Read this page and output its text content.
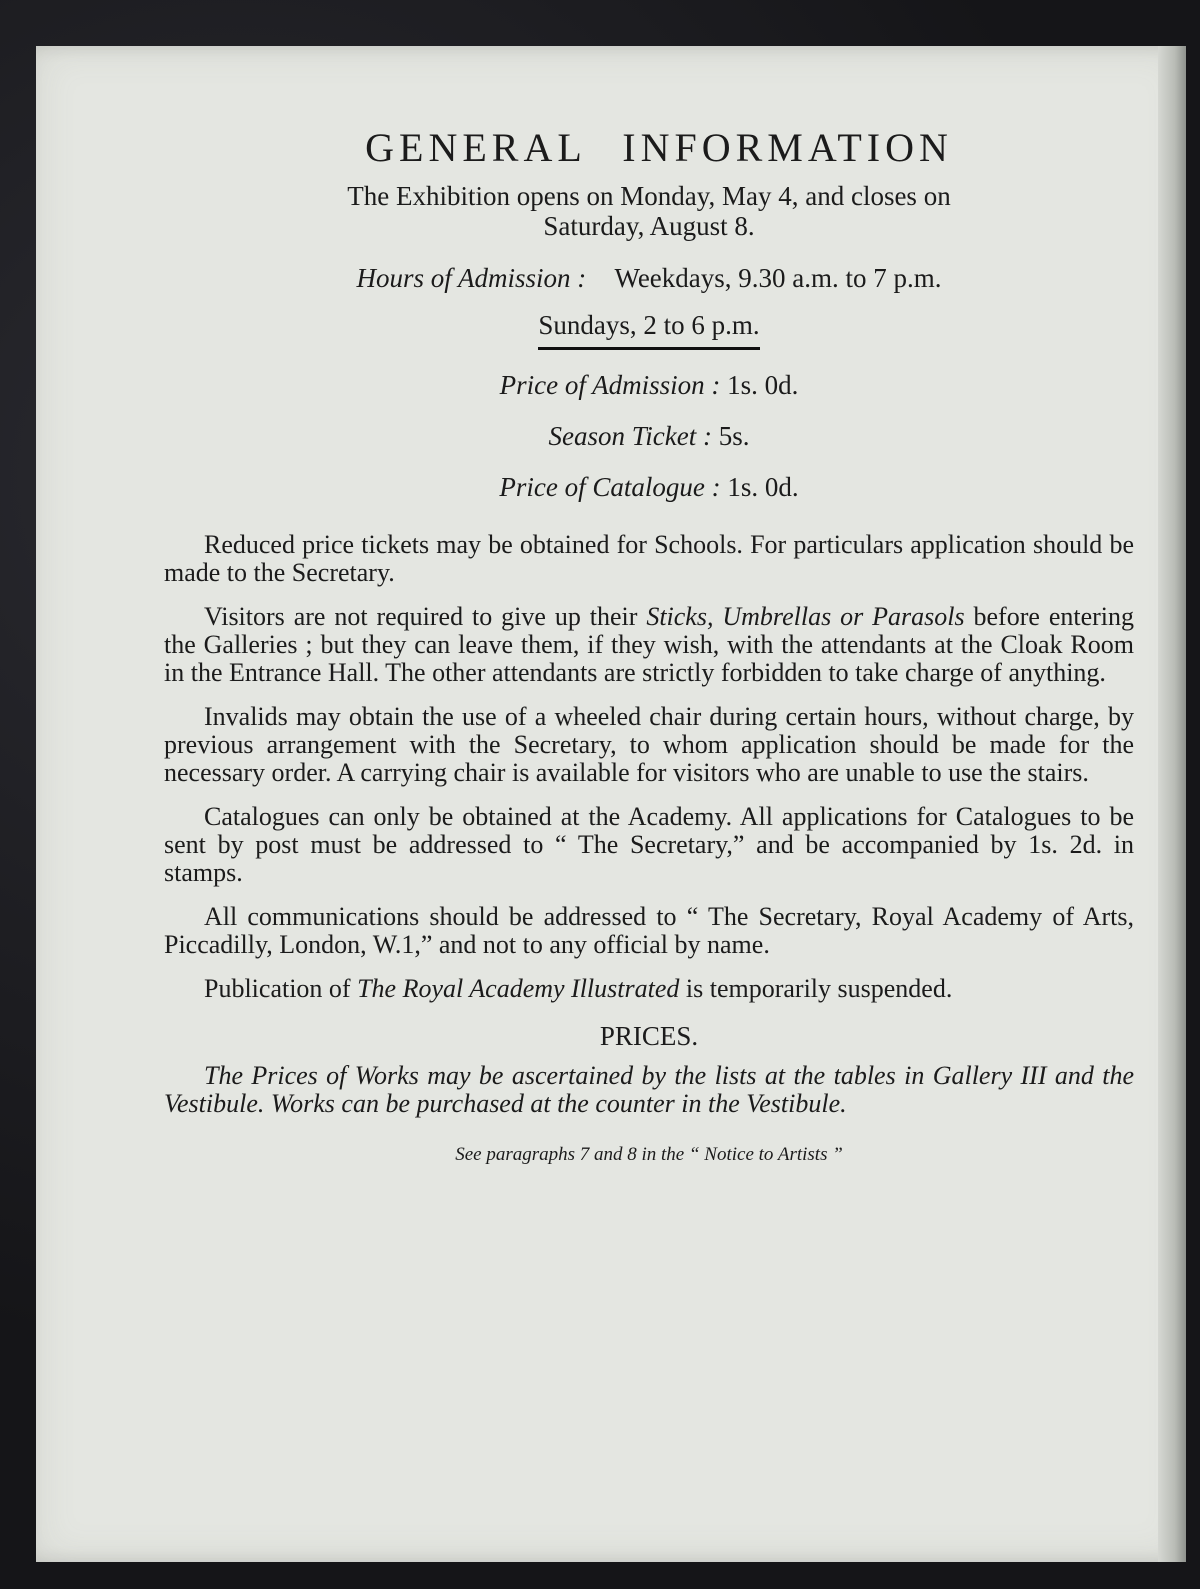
GENERAL INFORMATION

The Exhibition opens on Monday, May 4, and closes on

Saturday, August 8.

Hours of Admission : Weekdays, 9.30 a.m. to 7 p.m.

Sundays, 2 to 6 p.m.

Price of Admission : 1s. 0d.

Season Ticket : 5s.

Price of Catalogue : 1s. 0d.

Reduced price tickets may be obtained for Schools. For particulars application should be made to the Secretary.

Visitors are not required to give up their Sticks, Umbrellas or Parasols before entering the Galleries ; but they can leave them, if they wish, with the attendants at the Cloak Room in the Entrance Hall. The other attendants are strictly forbidden to take charge of anything.

Invalids may obtain the use of a wheeled chair during certain hours, without charge, by previous arrangement with the Secretary, to whom application should be made for the necessary order. A carrying chair is available for visitors who are unable to use the stairs.

Catalogues can only be obtained at the Academy. All applications for Catalogues to be sent by post must be addressed to “ The Secretary,” and be accompanied by 1s. 2d. in stamps.

All communications should be addressed to “ The Secretary, Royal Academy of Arts, Piccadilly, London, W.1,” and not to any official by name.

Publication of The Royal Academy Illustrated is temporarily suspended.

PRICES.

The Prices of Works may be ascertained by the lists at the tables in Gallery III and the Vestibule. Works can be purchased at the counter in the Vestibule.

See paragraphs 7 and 8 in the “ Notice to Artists ”
